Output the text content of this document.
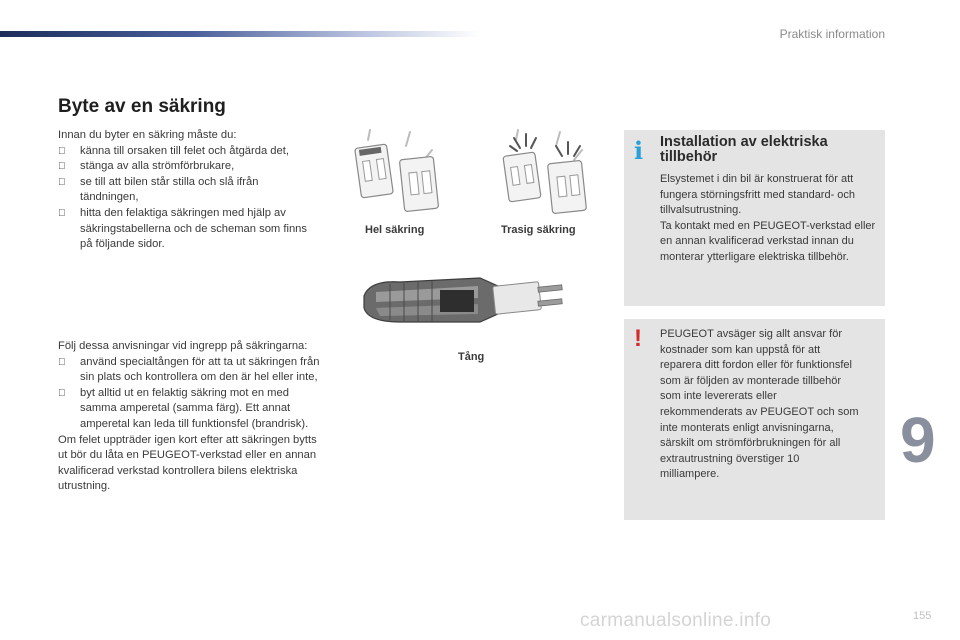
Praktisk information
Byte av en säkring

Innan du byter en säkring måste du:

känna till orsaken till felet och åtgärda det,
stänga av alla strömförbrukare,
se till att bilen står stilla och slå ifrån tändningen,
hitta den felaktiga säkringen med hjälp av säkringstabellerna och de scheman som finns på följande sidor.

Följ dessa anvisningar vid ingrepp på säkringarna:

använd specialtången för att ta ut säkringen från sin plats och kontrollera om den är hel eller inte,
byt alltid ut en felaktig säkring mot en med samma amperetal (samma färg). Ett annat amperetal kan leda till funktionsfel (brandrisk).

Om felet uppträder igen kort efter att säkringen bytts ut bör du låta en PEUGEOT-verkstad eller en annan kvalificerad verkstad kontrollera bilens elektriska utrustning.

Hel säkring	Trasig säkring
Tång
i Installation av elektriska tillbehör

Elsystemet i din bil är konstruerat för att fungera störningsfritt med standard- och tillvalsutrustning.

Ta kontakt med en PEUGEOT-verkstad eller en annan kvalificerad verkstad innan du monterar ytterligare elektriska tillbehör.

! PEUGEOT avsäger sig allt ansvar för kostnader som kan uppstå för att reparera ditt fordon eller för funktionsfel som är följden av monterade tillbehör som inte levererats eller rekommenderats av PEUGEOT och som inte monterats enligt anvisningarna, särskilt om strömförbrukningen för all extrautrustning överstiger 10 milliampere.	9
carmanualsonline.info	155
